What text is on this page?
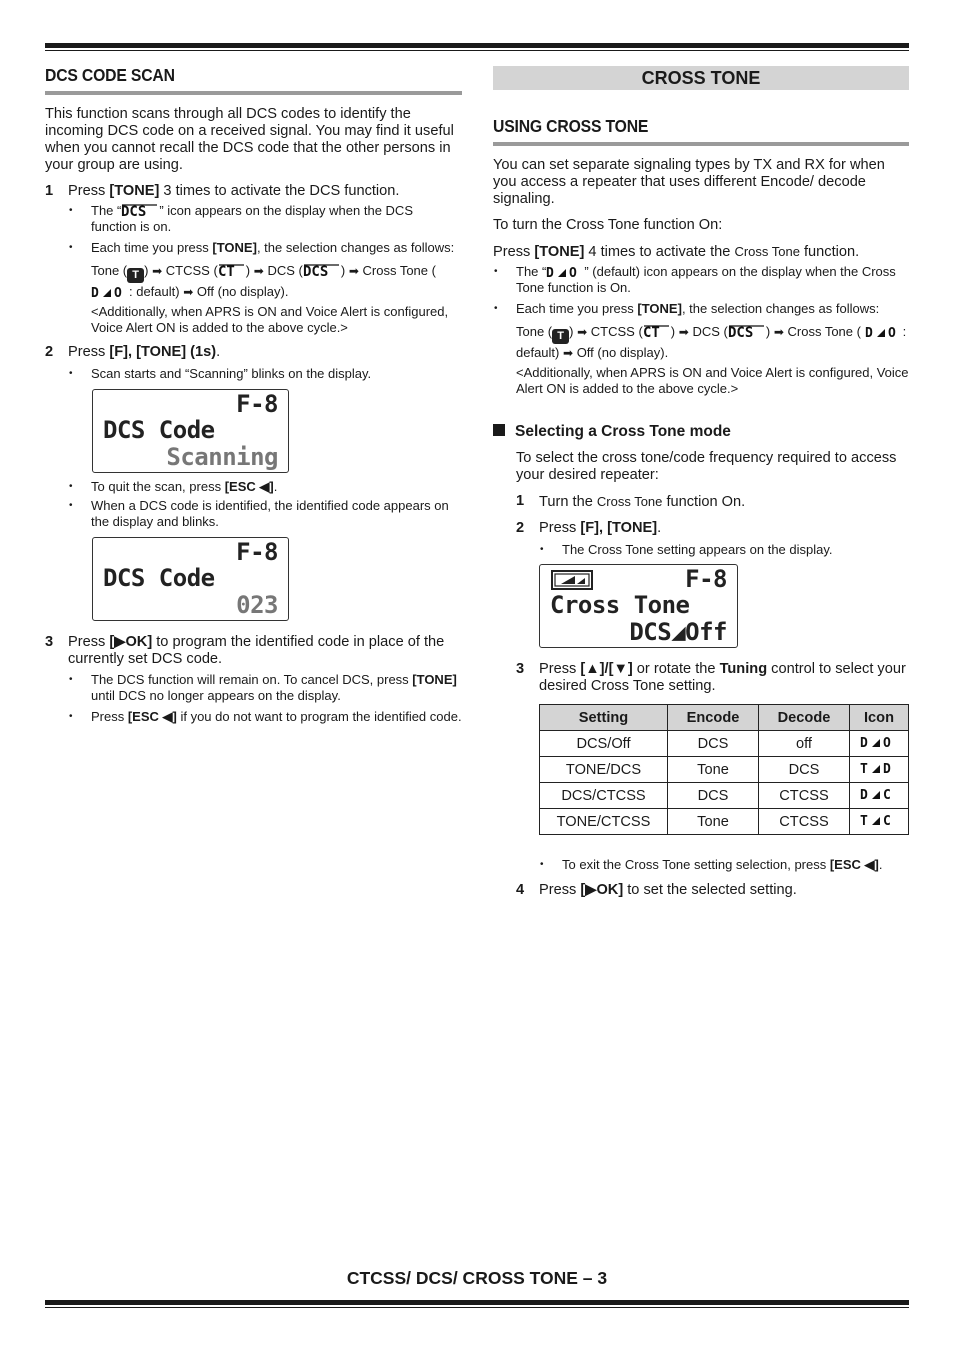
DCS CODE SCAN

This function scans through all DCS codes to identify the incoming DCS code on a received signal. You may find it useful when you cannot recall the DCS code that the other persons in your group are using.

1	Press [TONE] 3 times to activate the DCS function.
•	The “ DCS ” icon appears on the display when the DCS function is on.
•	Each time you press [TONE], the selection changes as follows:
Tone ( T ) ➡ CTCSS ( CT ) ➡ DCS ( DCS ) ➡ Cross Tone (
D O : default) ➡ Off (no display).
<Additionally, when APRS is ON and Voice Alert is configured, Voice Alert ON is added to the above cycle.>
2	Press [F], [TONE] (1s).
•	Scan starts and “Scanning” blinks on the display.
F-8
DCS Code
Scanning
•	To quit the scan, press [ESC ◀].
•	When a DCS code is identified, the identified code appears on the display and blinks.
F-8
DCS Code
023
3	Press [▶OK] to program the identified code in place of the currently set DCS code.
•	The DCS function will remain on. To cancel DCS, press [TONE] until DCS no longer appears on the display.
•	Press [ESC ◀] if you do not want to program the identified code.
CROSS TONE
USING CROSS TONE

You can set separate signaling types by TX and RX for when you access a repeater that uses different Encode/ decode signaling.

To turn the Cross Tone function On:

Press [TONE] 4 times to activate the Cross Tone function.

•	The “ D O ” (default) icon appears on the display when the Cross Tone function is On.
•	Each time you press [TONE], the selection changes as follows:
Tone ( T ) ➡ CTCSS ( CT ) ➡ DCS ( DCS ) ➡ Cross Tone ( D O : default) ➡ Off (no display).
<Additionally, when APRS is ON and Voice Alert is configured, Voice Alert ON is added to the above cycle.>
Selecting a Cross Tone mode

To select the cross tone/code frequency required to access your desired repeater:

1	Turn the Cross Tone function On.
2	Press [F], [TONE].
•	The Cross Tone setting appears on the display.
F-8
Cross Tone
DCS◢Off
3	Press [▲]/[▼] or rotate the Tuning control to select your desired Cross Tone setting.
Setting	Encode	Decode	Icon
DCS/Off	DCS	off	D O

TONE/DCS	Tone	DCS	T D

DCS/CTCSS	DCS	CTCSS	D C

TONE/CTCSS	Tone	CTCSS	T C
•	To exit the Cross Tone setting selection, press [ESC ◀].
4	Press [▶OK] to set the selected setting.
CTCSS/ DCS/ CROSS TONE – 3
